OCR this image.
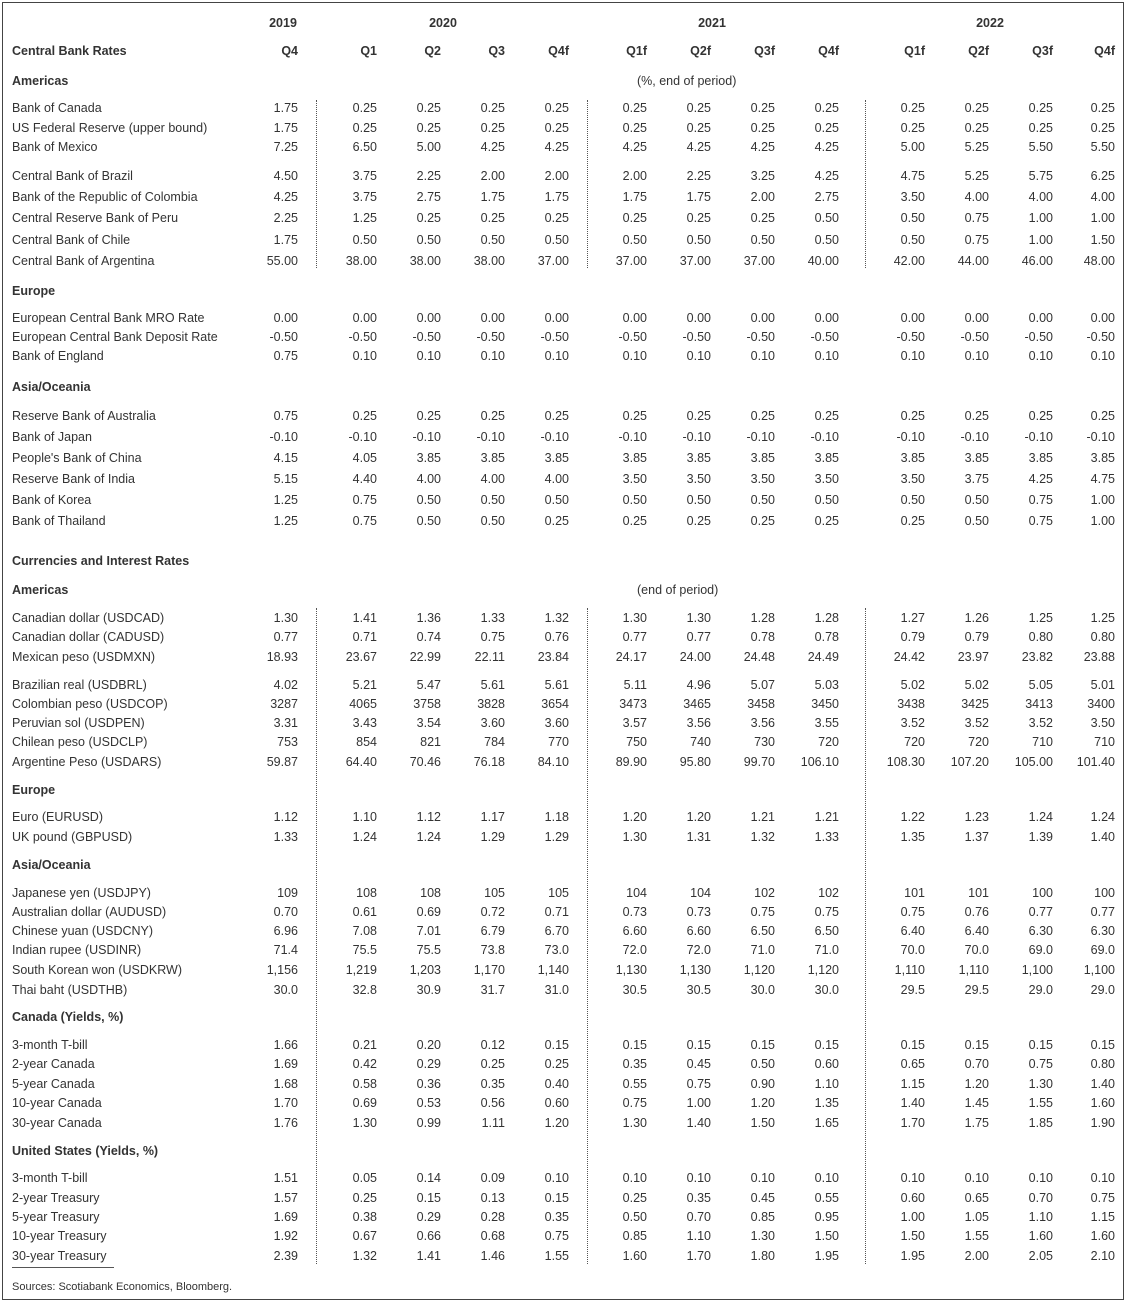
2019	2020	2021	2022
Central Bank Rates	Q4	Q1	Q2	Q3	Q4f	Q1f	Q2f	Q3f	Q4f	Q1f	Q2f	Q3f	Q4f
Americas	(%, end of period)
Bank of Canada	1.75	0.25	0.25	0.25	0.25	0.25	0.25	0.25	0.25	0.25	0.25	0.25	0.25
US Federal Reserve (upper bound)	1.75	0.25	0.25	0.25	0.25	0.25	0.25	0.25	0.25	0.25	0.25	0.25	0.25
Bank of Mexico	7.25	6.50	5.00	4.25	4.25	4.25	4.25	4.25	4.25	5.00	5.25	5.50	5.50
Central Bank of Brazil	4.50	3.75	2.25	2.00	2.00	2.00	2.25	3.25	4.25	4.75	5.25	5.75	6.25
Bank of the Republic of Colombia	4.25	3.75	2.75	1.75	1.75	1.75	1.75	2.00	2.75	3.50	4.00	4.00	4.00
Central Reserve Bank of Peru	2.25	1.25	0.25	0.25	0.25	0.25	0.25	0.25	0.50	0.50	0.75	1.00	1.00
Central Bank of Chile	1.75	0.50	0.50	0.50	0.50	0.50	0.50	0.50	0.50	0.50	0.75	1.00	1.50
Central Bank of Argentina	55.00	38.00	38.00	38.00	37.00	37.00	37.00	37.00	40.00	42.00	44.00	46.00	48.00
Europe
European Central Bank MRO Rate	0.00	0.00	0.00	0.00	0.00	0.00	0.00	0.00	0.00	0.00	0.00	0.00	0.00
European Central Bank Deposit Rate	-0.50	-0.50	-0.50	-0.50	-0.50	-0.50	-0.50	-0.50	-0.50	-0.50	-0.50	-0.50	-0.50
Bank of England	0.75	0.10	0.10	0.10	0.10	0.10	0.10	0.10	0.10	0.10	0.10	0.10	0.10
Asia/Oceania
Reserve Bank of Australia	0.75	0.25	0.25	0.25	0.25	0.25	0.25	0.25	0.25	0.25	0.25	0.25	0.25
Bank of Japan	-0.10	-0.10	-0.10	-0.10	-0.10	-0.10	-0.10	-0.10	-0.10	-0.10	-0.10	-0.10	-0.10
People's Bank of China	4.15	4.05	3.85	3.85	3.85	3.85	3.85	3.85	3.85	3.85	3.85	3.85	3.85
Reserve Bank of India	5.15	4.40	4.00	4.00	4.00	3.50	3.50	3.50	3.50	3.50	3.75	4.25	4.75
Bank of Korea	1.25	0.75	0.50	0.50	0.50	0.50	0.50	0.50	0.50	0.50	0.50	0.75	1.00
Bank of Thailand	1.25	0.75	0.50	0.50	0.25	0.25	0.25	0.25	0.25	0.25	0.50	0.75	1.00
Currencies and Interest Rates
Americas	(end of period)
Canadian dollar (USDCAD)	1.30	1.41	1.36	1.33	1.32	1.30	1.30	1.28	1.28	1.27	1.26	1.25	1.25
Canadian dollar (CADUSD)	0.77	0.71	0.74	0.75	0.76	0.77	0.77	0.78	0.78	0.79	0.79	0.80	0.80
Mexican peso (USDMXN)	18.93	23.67	22.99	22.11	23.84	24.17	24.00	24.48	24.49	24.42	23.97	23.82	23.88
Brazilian real (USDBRL)	4.02	5.21	5.47	5.61	5.61	5.11	4.96	5.07	5.03	5.02	5.02	5.05	5.01
Colombian peso (USDCOP)	3287	4065	3758	3828	3654	3473	3465	3458	3450	3438	3425	3413	3400
Peruvian sol (USDPEN)	3.31	3.43	3.54	3.60	3.60	3.57	3.56	3.56	3.55	3.52	3.52	3.52	3.50
Chilean peso (USDCLP)	753	854	821	784	770	750	740	730	720	720	720	710	710
Argentine Peso (USDARS)	59.87	64.40	70.46	76.18	84.10	89.90	95.80	99.70	106.10	108.30	107.20	105.00	101.40
Europe
Euro (EURUSD)	1.12	1.10	1.12	1.17	1.18	1.20	1.20	1.21	1.21	1.22	1.23	1.24	1.24
UK pound (GBPUSD)	1.33	1.24	1.24	1.29	1.29	1.30	1.31	1.32	1.33	1.35	1.37	1.39	1.40
Asia/Oceania
Japanese yen (USDJPY)	109	108	108	105	105	104	104	102	102	101	101	100	100
Australian dollar (AUDUSD)	0.70	0.61	0.69	0.72	0.71	0.73	0.73	0.75	0.75	0.75	0.76	0.77	0.77
Chinese yuan (USDCNY)	6.96	7.08	7.01	6.79	6.70	6.60	6.60	6.50	6.50	6.40	6.40	6.30	6.30
Indian rupee (USDINR)	71.4	75.5	75.5	73.8	73.0	72.0	72.0	71.0	71.0	70.0	70.0	69.0	69.0
South Korean won (USDKRW)	1,156	1,219	1,203	1,170	1,140	1,130	1,130	1,120	1,120	1,110	1,110	1,100	1,100
Thai baht (USDTHB)	30.0	32.8	30.9	31.7	31.0	30.5	30.5	30.0	30.0	29.5	29.5	29.0	29.0
Canada (Yields, %)
3-month T-bill	1.66	0.21	0.20	0.12	0.15	0.15	0.15	0.15	0.15	0.15	0.15	0.15	0.15
2-year Canada	1.69	0.42	0.29	0.25	0.25	0.35	0.45	0.50	0.60	0.65	0.70	0.75	0.80
5-year Canada	1.68	0.58	0.36	0.35	0.40	0.55	0.75	0.90	1.10	1.15	1.20	1.30	1.40
10-year Canada	1.70	0.69	0.53	0.56	0.60	0.75	1.00	1.20	1.35	1.40	1.45	1.55	1.60
30-year Canada	1.76	1.30	0.99	1.11	1.20	1.30	1.40	1.50	1.65	1.70	1.75	1.85	1.90
United States (Yields, %)
3-month T-bill	1.51	0.05	0.14	0.09	0.10	0.10	0.10	0.10	0.10	0.10	0.10	0.10	0.10
2-year Treasury	1.57	0.25	0.15	0.13	0.15	0.25	0.35	0.45	0.55	0.60	0.65	0.70	0.75
5-year Treasury	1.69	0.38	0.29	0.28	0.35	0.50	0.70	0.85	0.95	1.00	1.05	1.10	1.15
10-year Treasury	1.92	0.67	0.66	0.68	0.75	0.85	1.10	1.30	1.50	1.50	1.55	1.60	1.60
30-year Treasury	2.39	1.32	1.41	1.46	1.55	1.60	1.70	1.80	1.95	1.95	2.00	2.05	2.10
Sources: Scotiabank Economics, Bloomberg.
